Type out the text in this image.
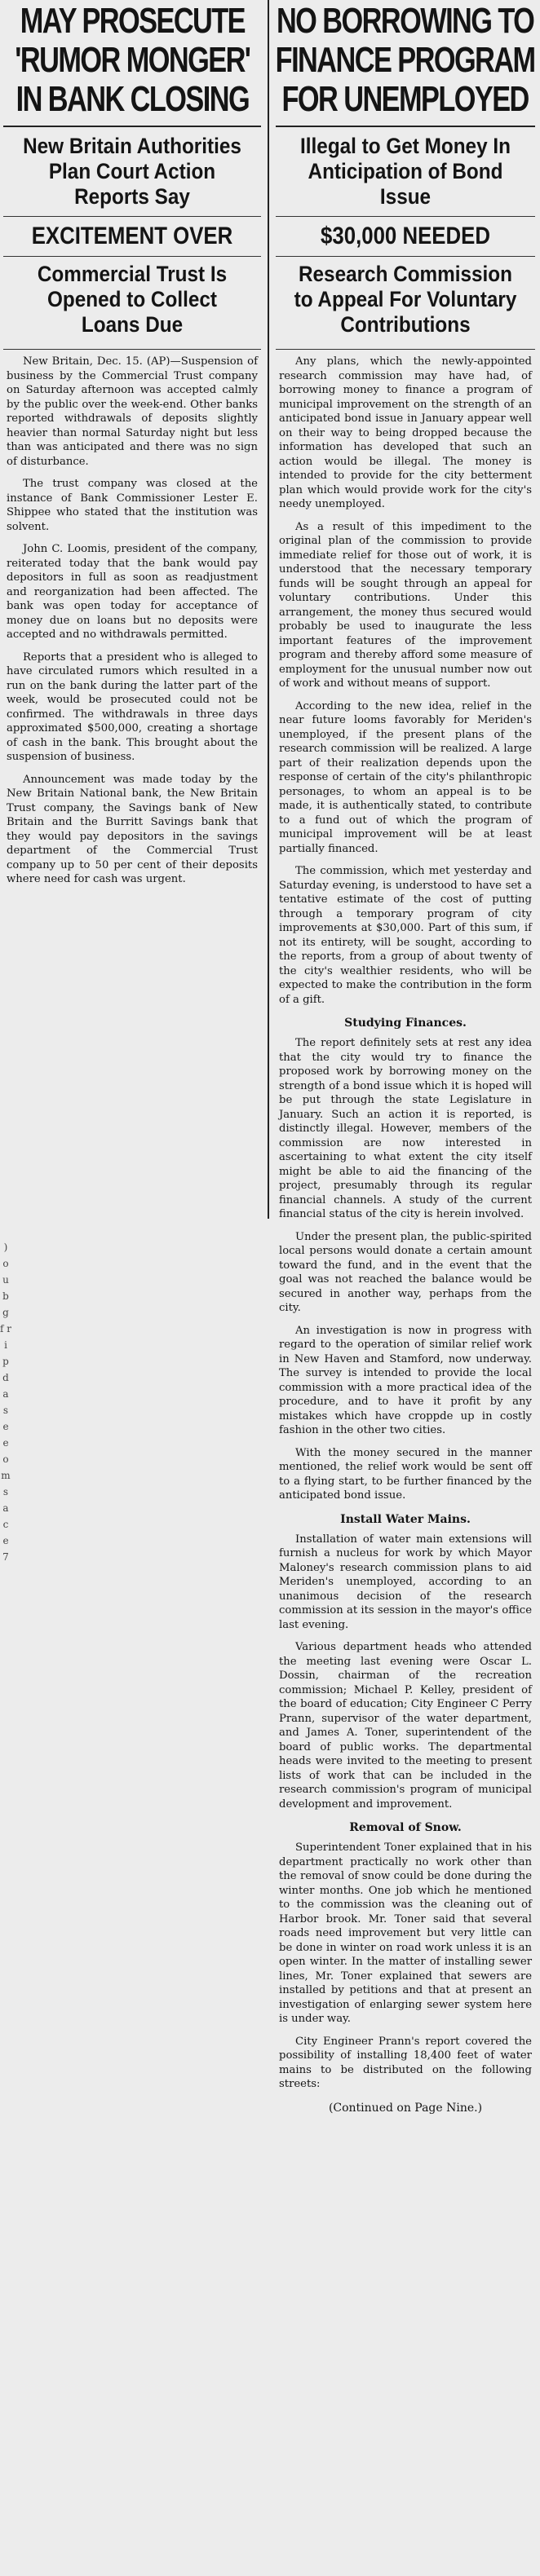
MAY PROSECUTE
'RUMOR MONGER'
IN BANK CLOSING
New Britain Authorities Plan Court Action Reports Say
EXCITEMENT OVER
Commercial Trust Is Opened to Collect Loans Due

New Britain, Dec. 15. (AP)—Suspension of business by the Commercial Trust company on Saturday afternoon was accepted calmly by the public over the week-end. Other banks reported withdrawals of deposits slightly heavier than normal Saturday night but less than was anticipated and there was no sign of disturbance.

The trust company was closed at the instance of Bank Commissioner Lester E. Shippee who stated that the institution was solvent.

John C. Loomis, president of the company, reiterated today that the bank would pay depositors in full as soon as readjustment and reorganization had been affected. The bank was open today for acceptance of money due on loans but no deposits were accepted and no withdrawals permitted.

Reports that a president who is alleged to have circulated rumors which resulted in a run on the bank during the latter part of the week, would be prosecuted could not be confirmed. The withdrawals in three days approximated $500,000, creating a shortage of cash in the bank. This brought about the suspension of business.

Announcement was made today by the New Britain National bank, the New Britain Trust company, the Savings bank of New Britain and the Burritt Savings bank that they would pay depositors in the savings department of the Commercial Trust company up to 50 per cent of their deposits where need for cash was urgent.

) o u b g f r i p d a s e e o m s a c e 7
NO BORROWING TO
FINANCE PROGRAM
FOR UNEMPLOYED
Illegal to Get Money In Anticipation of Bond Issue
$30,000 NEEDED
Research Commission to Appeal For Voluntary Contributions

Any plans, which the newly-appointed research commission may have had, of borrowing money to finance a program of municipal improvement on the strength of an anticipated bond issue in January appear well on their way to being dropped because the information has developed that such an action would be illegal. The money is intended to provide for the city betterment plan which would provide work for the city's needy unemployed.

As a result of this impediment to the original plan of the commission to provide immediate relief for those out of work, it is understood that the necessary temporary funds will be sought through an appeal for voluntary contributions. Under this arrangement, the money thus secured would probably be used to inaugurate the less important features of the improvement program and thereby afford some measure of employment for the unusual number now out of work and without means of support.

According to the new idea, relief in the near future looms favorably for Meriden's unemployed, if the present plans of the research commission will be realized. A large part of their realization depends upon the response of certain of the city's philanthropic personages, to whom an appeal is to be made, it is authentically stated, to contribute to a fund out of which the program of municipal improvement will be at least partially financed.

The commission, which met yesterday and Saturday evening, is understood to have set a tentative estimate of the cost of putting through a temporary program of city improvements at $30,000. Part of this sum, if not its entirety, will be sought, according to the reports, from a group of about twenty of the city's wealthier residents, who will be expected to make the contribution in the form of a gift.

Studying Finances.

The report definitely sets at rest any idea that the city would try to finance the proposed work by borrowing money on the strength of a bond issue which it is hoped will be put through the state Legislature in January. Such an action it is reported, is distinctly illegal. However, members of the commission are now interested in ascertaining to what extent the city itself might be able to aid the financing of the project, presumably through its regular financial channels. A study of the current financial status of the city is herein involved.

Under the present plan, the public-spirited local persons would donate a certain amount toward the fund, and in the event that the goal was not reached the balance would be secured in another way, perhaps from the city.

An investigation is now in progress with regard to the operation of similar relief work in New Haven and Stamford, now underway. The survey is intended to provide the local commission with a more practical idea of the procedure, and to have it profit by any mistakes which have croppde up in costly fashion in the other two cities.

With the money secured in the manner mentioned, the relief work would be sent off to a flying start, to be further financed by the anticipated bond issue.

Install Water Mains.

Installation of water main extensions will furnish a nucleus for work by which Mayor Maloney's research commission plans to aid Meriden's unemployed, according to an unanimous decision of the research commission at its session in the mayor's office last evening.

Various department heads who attended the meeting last evening were Oscar L. Dossin, chairman of the recreation commission; Michael P. Kelley, president of the board of education; City Engineer C Perry Prann, supervisor of the water department, and James A. Toner, superintendent of the board of public works. The departmental heads were invited to the meeting to present lists of work that can be included in the research commission's program of municipal development and improvement.

Removal of Snow.

Superintendent Toner explained that in his department practically no work other than the removal of snow could be done during the winter months. One job which he mentioned to the commission was the cleaning out of Harbor brook. Mr. Toner said that several roads need improvement but very little can be done in winter on road work unless it is an open winter. In the matter of installing sewer lines, Mr. Toner explained that sewers are installed by petitions and that at present an investigation of enlarging sewer system here is under way.

City Engineer Prann's report covered the possibility of installing 18,400 feet of water mains to be distributed on the following streets:

(Continued on Page Nine.)
